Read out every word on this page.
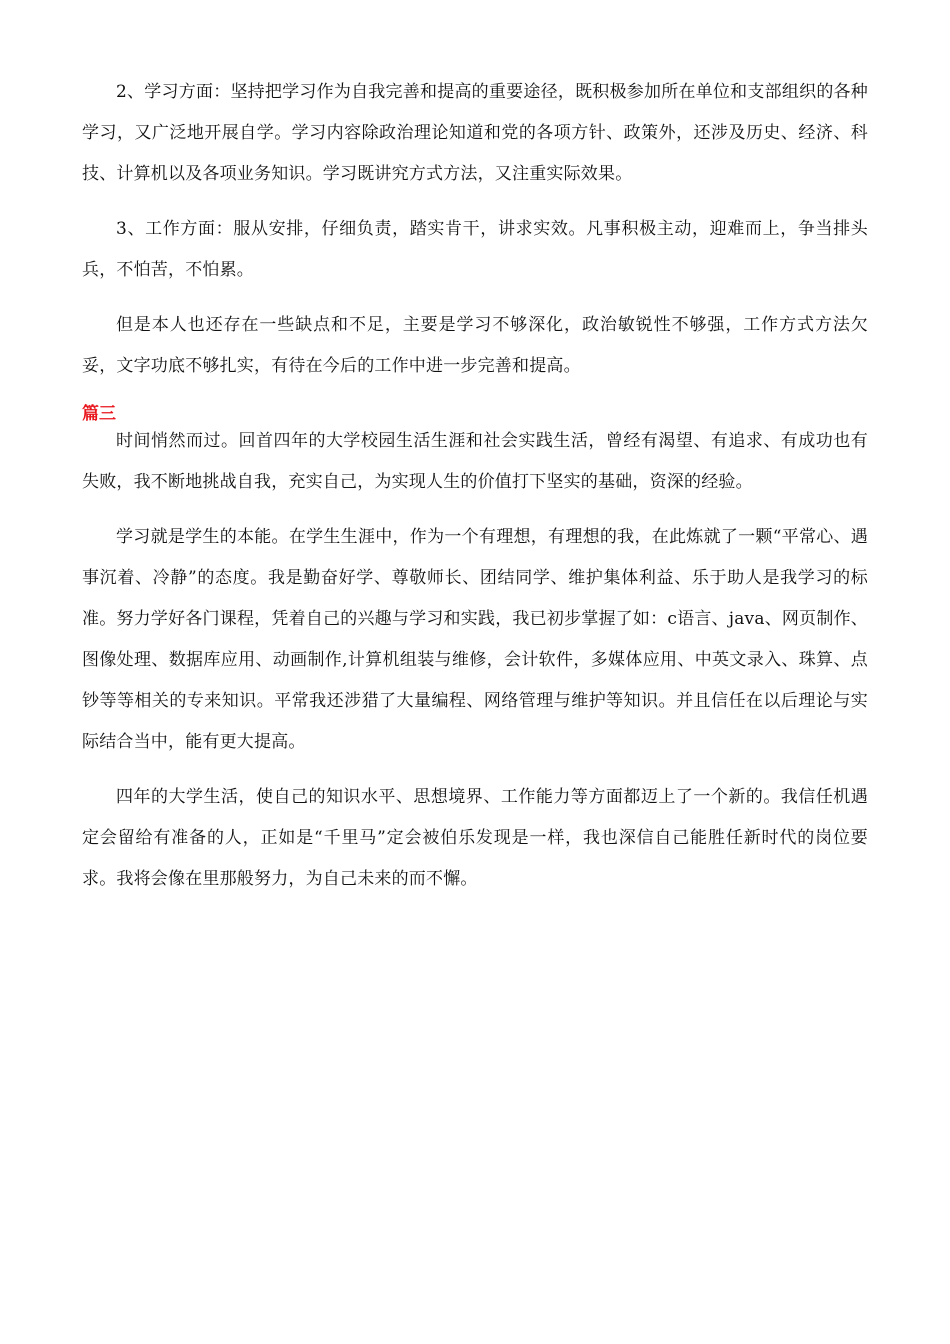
2、学习方面：坚持把学习作为自我完善和提高的重要途径，既积极参加所在单位和支部组织的各种学习，又广泛地开展自学。学习内容除政治理论知道和党的各项方针、政策外，还涉及历史、经济、科技、计算机以及各项业务知识。学习既讲究方式方法，又注重实际效果。

3、工作方面：服从安排，仔细负责，踏实肯干，讲求实效。凡事积极主动，迎难而上，争当排头兵，不怕苦，不怕累。

但是本人也还存在一些缺点和不足，主要是学习不够深化，政治敏锐性不够强，工作方式方法欠妥，文字功底不够扎实，有待在今后的工作中进一步完善和提高。

篇三

时间悄然而过。回首四年的大学校园生活生涯和社会实践生活，曾经有渴望、有追求、有成功也有失败，我不断地挑战自我，充实自己，为实现人生的价值打下坚实的基础，资深的经验。

学习就是学生的本能。在学生生涯中，作为一个有理想，有理想的我，在此炼就了一颗“平常心、遇事沉着、冷静”的态度。我是勤奋好学、尊敬师长、团结同学、维护集体利益、乐于助人是我学习的标准。努力学好各门课程，凭着自己的兴趣与学习和实践，我已初步掌握了如：c语言、java、网页制作、图像处理、数据库应用、动画制作,计算机组装与维修，会计软件，多媒体应用、中英文录入、珠算、点钞等等相关的专来知识。平常我还涉猎了大量编程、网络管理与维护等知识。并且信任在以后理论与实际结合当中，能有更大提高。

四年的大学生活，使自己的知识水平、思想境界、工作能力等方面都迈上了一个新的。我信任机遇定会留给有准备的人，正如是“千里马”定会被伯乐发现是一样，我也深信自己能胜任新时代的岗位要求。我将会像在里那般努力，为自己未来的而不懈。
